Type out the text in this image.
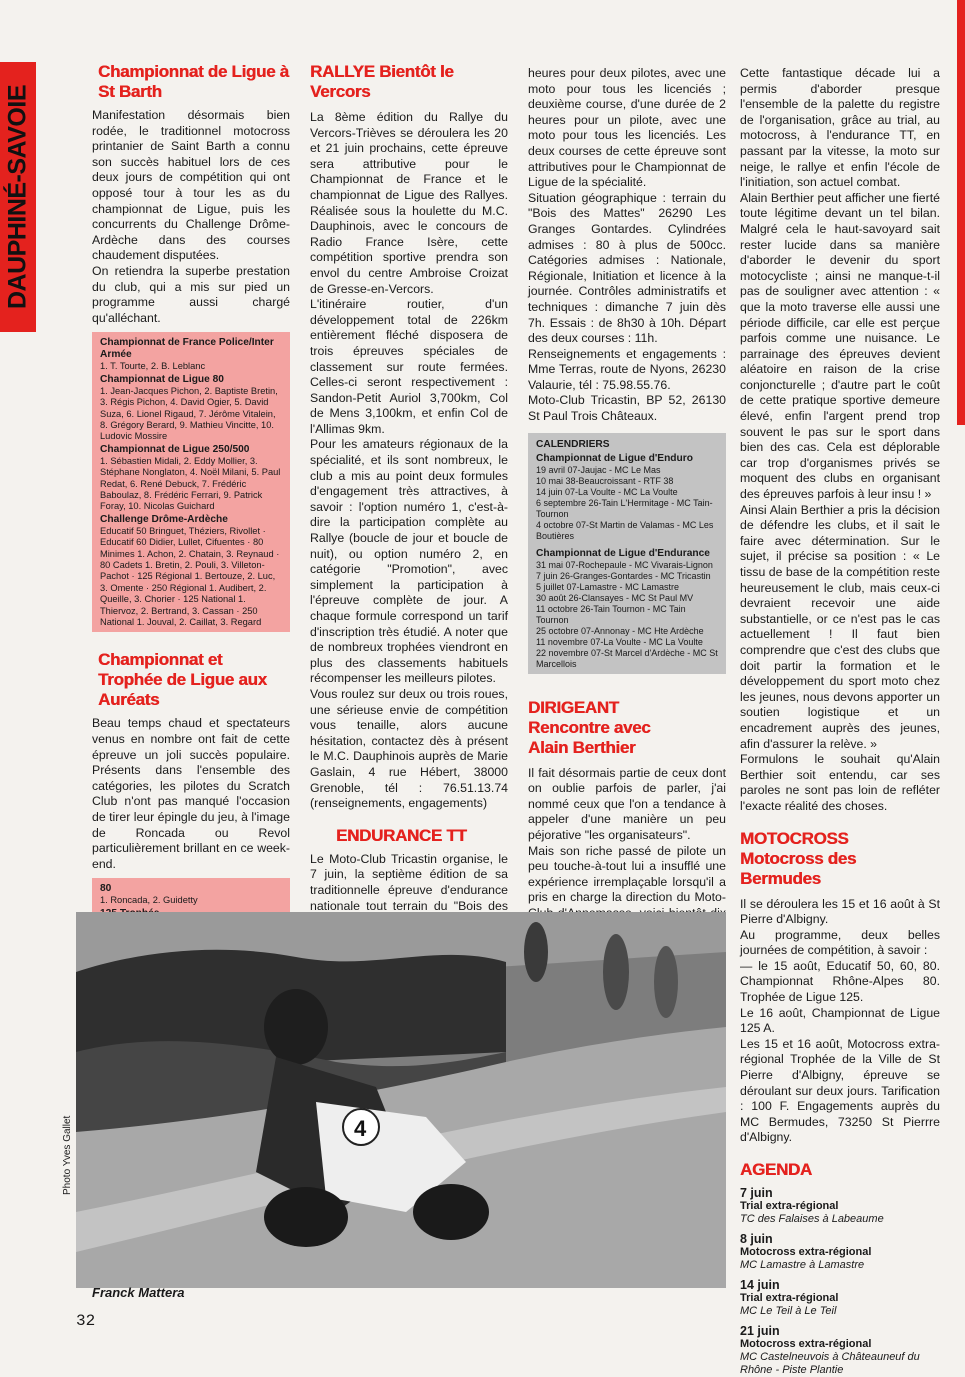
DAUPHINÉ-SAVOIE
Championnat de Ligue à St Barth

Manifestation désormais bien rodée, le traditionnel motocross printanier de Saint Barth a connu son succès habituel lors de ces deux jours de compétition qui ont opposé tour à tour les as du championnat de Ligue, puis les concurrents du Challenge Drôme-Ardèche dans des courses chaudement disputées.

On retiendra la superbe prestation du club, qui a mis sur pied un programme aussi chargé qu'alléchant.

Championnat de France Police/Inter Armée
1. T. Tourte, 2. B. Leblanc
Championnat de Ligue 80
1. Jean-Jacques Pichon, 2. Baptiste Bretin, 3. Régis Pichon, 4. David Ogier, 5. David Suza, 6. Lionel Rigaud, 7. Jérôme Vitalein, 8. Grégory Berard, 9. Mathieu Vincitte, 10. Ludovic Mossire
Championnat de Ligue 250/500
1. Sébastien Midali, 2. Eddy Mollier, 3. Stéphane Nonglaton, 4. Noël Milani, 5. Paul Redat, 6. René Debuck, 7. Frédéric Baboulaz, 8. Frédéric Ferrari, 9. Patrick Foray, 10. Nicolas Guichard
Challenge Drôme-Ardèche
Educatif 50 Bringuet, Théziers, Rivollet · Educatif 60 Didier, Lullet, Cifuentes · 80 Minimes 1. Achon, 2. Chatain, 3. Reynaud · 80 Cadets 1. Bretin, 2. Pouli, 3. Villeton-Pachot · 125 Régional 1. Bertouze, 2. Luc, 3. Omente · 250 Régional 1. Audibert, 2. Queille, 3. Chorier · 125 National 1. Thiervoz, 2. Bertrand, 3. Cassan · 250 National 1. Jouval, 2. Caillat, 3. Regard
Championnat et Trophée de Ligue aux Auréats

Beau temps chaud et spectateurs venus en nombre ont fait de cette épreuve un joli succès populaire. Présents dans l'ensemble des catégories, les pilotes du Scratch Club n'ont pas manqué l'occasion de tirer leur épingle du jeu, à l'image de Roncada ou Revol particulièrement brillant en ce week-end.

80
1. Roncada, 2. Guidetty
RALLYE Bientôt le Vercors

La 8ème édition du Rallye du Vercors-Trièves se déroulera les 20 et 21 juin prochains, cette épreuve sera attributive pour le Championnat de France et le championnat de Ligue des Rallyes. Réalisée sous la houlette du M.C. Dauphinois, avec le concours de Radio France Isère, cette compétition sportive prendra son envol du centre Ambroise Croizat de Gresse-en-Vercors.

L'itinéraire routier, d'un développement total de 226km entièrement fléché disposera de trois épreuves spéciales de classement sur route fermées. Celles-ci seront respectivement : Sandon-Petit Auriol 3,700km, Col de Mens 3,100km, et enfin Col de l'Allimas 9km.

Pour les amateurs régionaux de la spécialité, et ils sont nombreux, le club a mis au point deux formules d'engagement très attractives, à savoir : l'option numéro 1, c'est-à-dire la participation complète au Rallye (boucle de jour et boucle de nuit), ou option numéro 2, en catégorie "Promotion", avec simplement la participation à l'épreuve complète de jour. A chaque formule correspond un tarif d'inscription très étudié. A noter que de nombreux trophées viendront en plus des classements habituels récompenser les meilleurs pilotes.

Vous roulez sur deux ou trois roues, une sérieuse envie de compétition vous tenaille, alors aucune hésitation, contactez dès à présent le M.C. Dauphinois auprès de Marie Gaslain, 4 rue Hébert, 38000 Grenoble, tél : 76.51.13.74 (renseignements, engagements)

ENDURANCE TT

Le Moto-Club Tricastin organise, le 7 juin, la septième édition de sa traditionnelle épreuve d'endurance nationale tout terrain du "Bois des

heures pour deux pilotes, avec une moto pour tous les licenciés ; deuxième course, d'une durée de 2 heures pour un pilote, avec une moto pour tous les licenciés. Les deux courses de cette épreuve sont attributives pour le Championnat de Ligue de la spécialité.

Situation géographique : terrain du "Bois des Mattes" 26290 Les Granges Gontardes. Cylindrées admises : 80 à plus de 500cc. Catégories admises : Nationale, Régionale, Initiation et licence à la journée. Contrôles administratifs et techniques : dimanche 7 juin dès 7h. Essais : de 8h30 à 10h. Départ des deux courses : 11h.

Renseignements et engagements : Mme Terras, route de Nyons, 26230 Valaurie, tél : 75.98.55.76.

Moto-Club Tricastin, BP 52, 26130 St Paul Trois Châteaux.

CALENDRIERS
Championnat de Ligue d'Enduro
19 avril 07-Jaujac - MC Le Mas
10 mai 38-Beaucroissant - RTF 38
14 juin 07-La Voulte - MC La Voulte
6 septembre 26-Tain L'Hermitage - MC Tain-Tournon
4 octobre 07-St Martin de Valamas - MC Les Boutières
Championnat de Ligue d'Endurance
31 mai 07-Rochepaule - MC Vivarais-Lignon
7 juin 26-Granges-Gontardes - MC Tricastin
5 juillet 07-Lamastre - MC Lamastre
30 août 26-Clansayes - MC St Paul MV
11 octobre 26-Tain Tournon - MC Tain Tournon
25 octobre 07-Annonay - MC Hte Ardèche
11 novembre 07-La Voulte - MC La Voulte
22 novembre 07-St Marcel d'Ardèche - MC St Marcellois
DIRIGEANT Rencontre avec Alain Berthier

Il fait désormais partie de ceux dont on oublie parfois de parler, j'ai nommé ceux que l'on a tendance à appeler d'une manière un peu péjorative "les organisateurs".

Mais son riche passé de pilote un peu touche-à-tout lui a insufflé une expérience irremplaçable lorsqu'il a pris en charge la direction du Moto-

Cette fantastique décade lui a permis d'aborder presque l'ensemble de la palette du registre de l'organisation, grâce au trial, au motocross, à l'endurance TT, en passant par la vitesse, la moto sur neige, le rallye et enfin l'école de l'initiation, son actuel combat.

Alain Berthier peut afficher une fierté toute légitime devant un tel bilan. Malgré cela le haut-savoyard sait rester lucide dans sa manière d'aborder le devenir du sport motocycliste ; ainsi ne manque-t-il pas de souligner avec attention : « que la moto traverse elle aussi une période difficile, car elle est perçue parfois comme une nuisance. Le parrainage des épreuves devient aléatoire en raison de la crise conjoncturelle ; d'autre part le coût de cette pratique sportive demeure élevé, enfin l'argent prend trop souvent le pas sur le sport dans bien des cas. Cela est déplorable car trop d'organismes privés se moquent des clubs en organisant des épreuves parfois à leur insu ! »

Ainsi Alain Berthier a pris la décision de défendre les clubs, et il sait le faire avec détermination. Sur le sujet, il précise sa position : « Le tissu de base de la compétition reste heureusement le club, mais ceux-ci devraient recevoir une aide substantielle, or ce n'est pas le cas actuellement ! Il faut bien comprendre que c'est des clubs que doit partir la formation et le développement du sport moto chez les jeunes, nous devons apporter un soutien logistique et un encadrement auprès des jeunes, afin d'assurer la relève. »

Formulons le souhait qu'Alain Berthier soit entendu, car ses paroles ne sont pas loin de refléter l'exacte réalité des choses.

MOTOCROSS Motocross des Bermudes

Il se déroulera les 15 et 16 août à St Pierre d'Albigny.

Au programme, deux belles journées de compétition, à savoir :

— le 15 août, Educatif 50, 60, 80. Championnat Rhône-Alpes 80. Trophée de Ligue 125.

Le 16 août, Championnat de Ligue 125 A.

Les 15 et 16 août, Motocross extra-régional Trophée de la Ville de St Pierre d'Albigny, épreuve se déroulant sur deux jours. Tarification : 100 F. Engagements auprès du MC Bermudes, 73250 St Pierrre d'Albigny.

AGENDA
7 juin
Trial extra-régional
TC des Falaises à Labeaume
8 juin
Motocross extra-régional
MC Lamastre à Lamastre
14 juin
Trial extra-régional
MC Le Teil à Le Teil
21 juin
Motocross extra-régional
MC Castelneuvois à Châteauneuf du Rhône - Piste Plantie
4
Photo Yves Gallet
Franck Mattera
32
